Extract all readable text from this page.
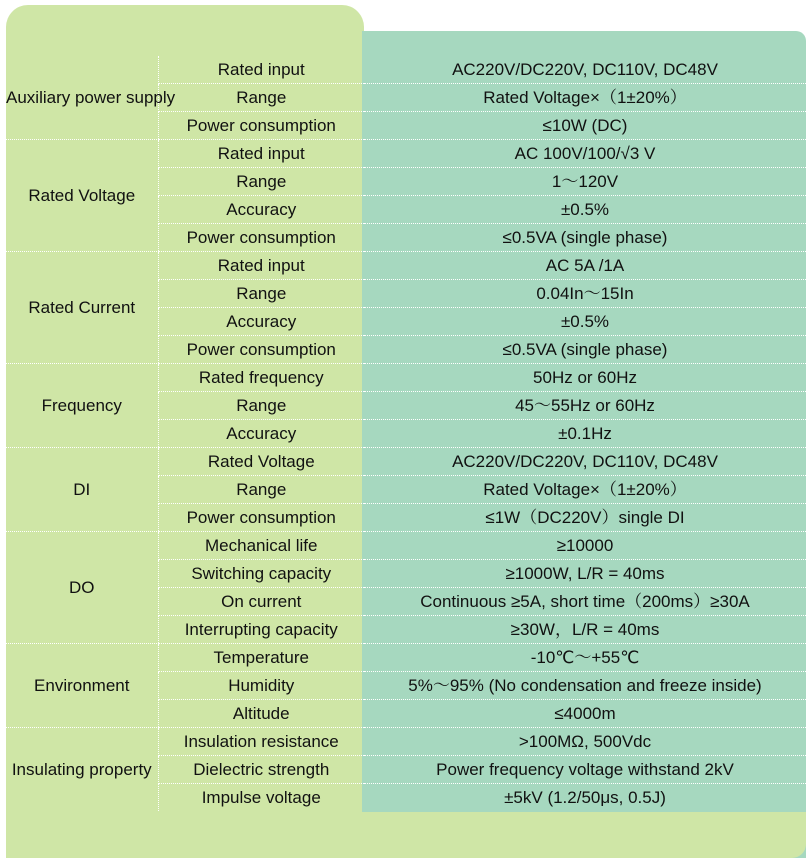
Auxiliary power supply	Rated input	AC220V/DC220V, DC110V, DC48V
	Range	Rated Voltage×（1±20%）
	Power consumption	≤10W (DC)
Rated Voltage	Rated input	AC 100V/100/√3 V
	Range	1～120V
	Accuracy	±0.5%
	Power consumption	≤0.5VA (single phase)
Rated Current	Rated input	AC 5A /1A
	Range	0.04In～15In
	Accuracy	±0.5%
	Power consumption	≤0.5VA (single phase)
Frequency	Rated frequency	50Hz or 60Hz
	Range	45～55Hz or 60Hz
	Accuracy	±0.1Hz
DI	Rated Voltage	AC220V/DC220V, DC110V, DC48V
	Range	Rated Voltage×（1±20%）
	Power consumption	≤1W（DC220V）single DI
DO	Mechanical life	≥10000
	Switching capacity	≥1000W, L/R = 40ms
	On current	Continuous ≥5A, short time（200ms）≥30A
	Interrupting capacity	≥30W，L/R = 40ms
Environment	Temperature	-10℃～+55℃
	Humidity	5%～95% (No condensation and freeze inside)
	Altitude	≤4000m
Insulating property	Insulation resistance	>100MΩ, 500Vdc
	Dielectric strength	Power frequency voltage withstand 2kV
	Impulse voltage	±5kV (1.2/50μs, 0.5J)
